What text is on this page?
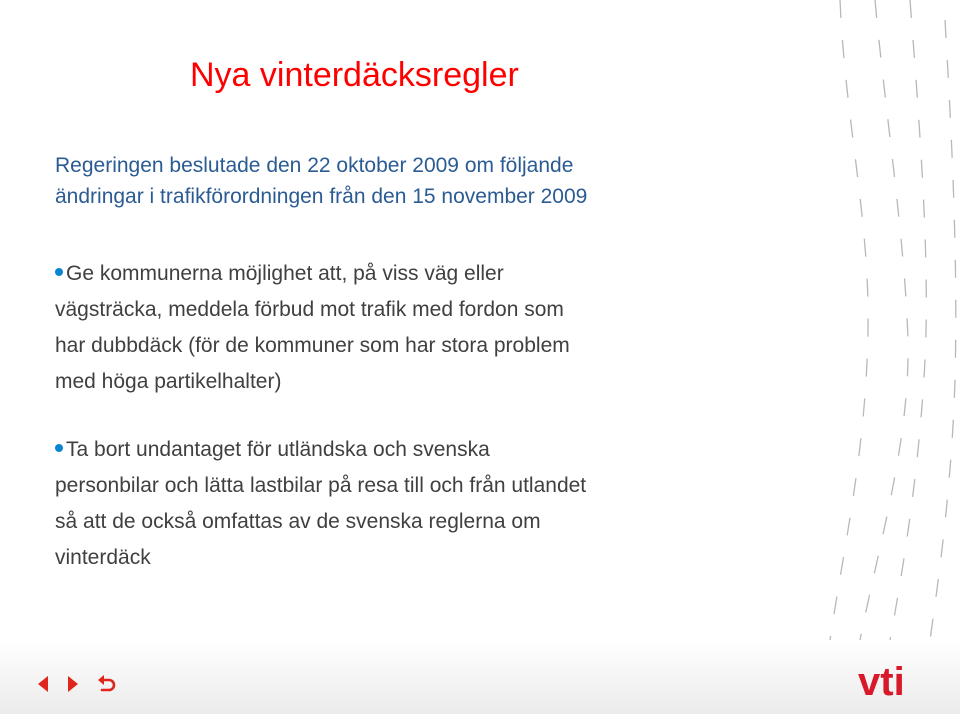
Nya vinterdäcksregler
Regeringen beslutade den 22 oktober 2009 om följande
ändringar i trafikförordningen från den 15 november 2009
Ge kommunerna möjlighet att, på viss väg eller
vägsträcka, meddela förbud mot trafik med fordon som
har dubbdäck (för de kommuner som har stora problem
med höga partikelhalter)
Ta bort undantaget för utländska och svenska
personbilar och lätta lastbilar på resa till och från utlandet
så att de också omfattas av de svenska reglerna om
vinterdäck
vti
